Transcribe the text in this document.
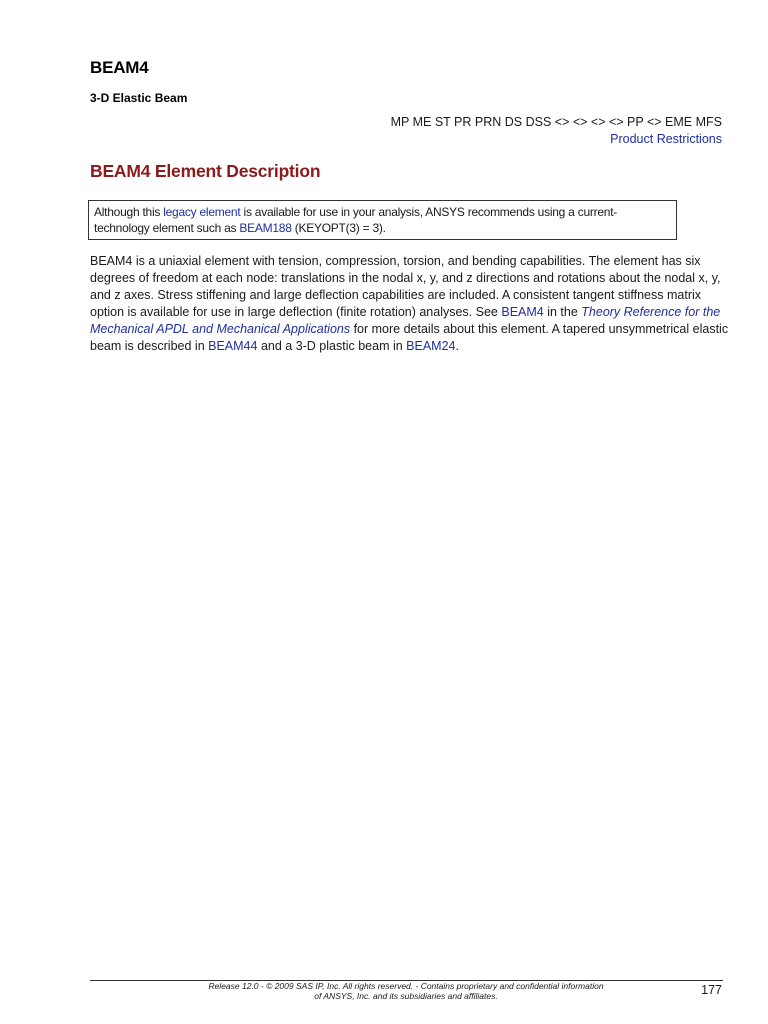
BEAM4
3-D Elastic Beam
MP ME ST PR PRN DS DSS <> <> <> <> PP <> EME MFS
Product Restrictions
BEAM4 Element Description
Although this legacy element is available for use in your analysis, ANSYS recommends using a current-technology element such as BEAM188 (KEYOPT(3) = 3).

BEAM4 is a uniaxial element with tension, compression, torsion, and bending capabilities. The element has six degrees of freedom at each node: translations in the nodal x, y, and z directions and rotations about the nodal x, y, and z axes. Stress stiffening and large deflection capabilities are included. A consistent tangent stiffness matrix option is available for use in large deflection (finite rotation) analyses. See BEAM4 in the Theory Reference for the Mechanical APDL and Mechanical Applications for more details about this element. A tapered unsymmetrical elastic beam is described in BEAM44 and a 3-D plastic beam in BEAM24.

Release 12.0 - © 2009 SAS IP, Inc. All rights reserved. - Contains proprietary and confidential information
of ANSYS, Inc. and its subsidiaries and affiliates.	177
